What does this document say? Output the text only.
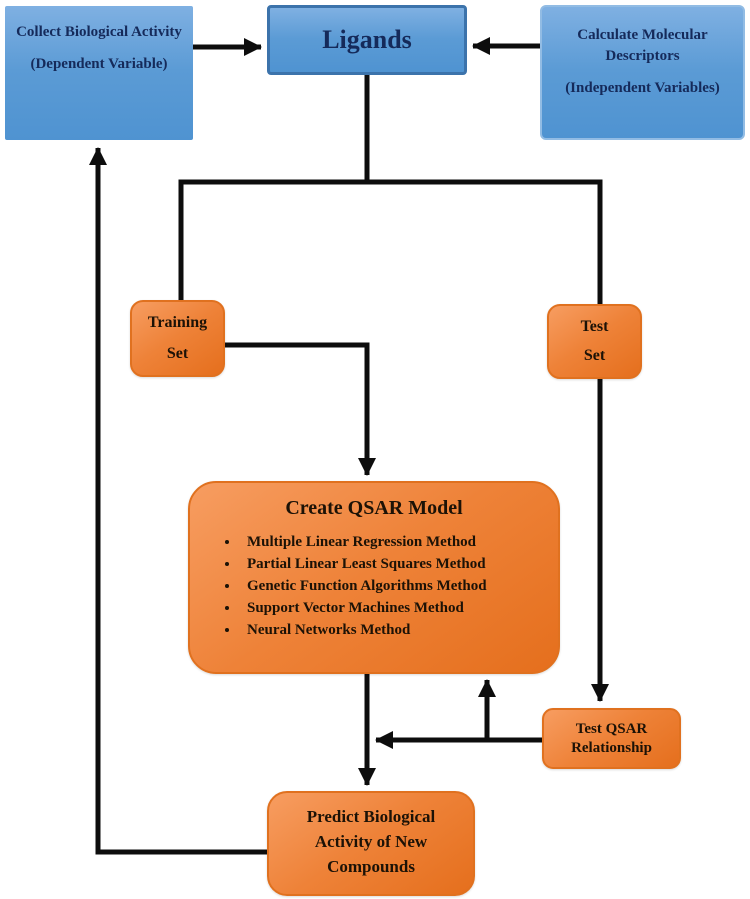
Collect Biological Activity
(Dependent Variable)
Ligands	Calculate Molecular Descriptors
(Independent Variables)
Training
Set
Test
Set
Create QSAR Model
• Multiple Linear Regression Method
• Partial Linear Least Squares Method
• Genetic Function Algorithms Method
• Support Vector Machines Method
• Neural Networks Method
Test QSAR
Relationship
Predict Biological Activity of New Compounds
